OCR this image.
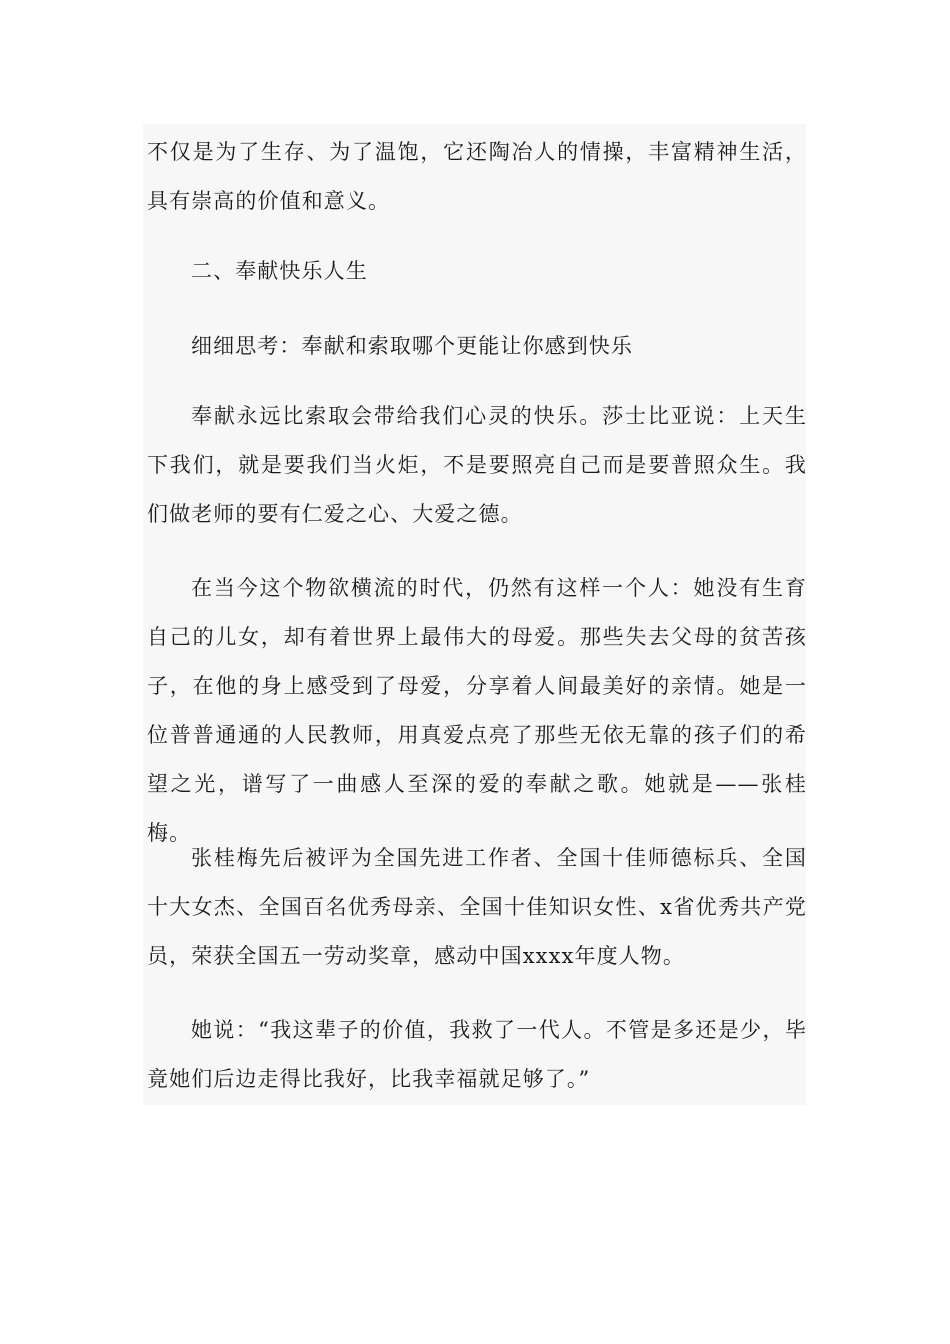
不仅是为了生存、为了温饱，它还陶冶人的情操，丰富精神生活，具有崇高的价值和意义。

二、奉献快乐人生

细细思考：奉献和索取哪个更能让你感到快乐

奉献永远比索取会带给我们心灵的快乐。莎士比亚说：上天生下我们，就是要我们当火炬，不是要照亮自己而是要普照众生。我们做老师的要有仁爱之心、大爱之德。

在当今这个物欲横流的时代，仍然有这样一个人：她没有生育自己的儿女，却有着世界上最伟大的母爱。那些失去父母的贫苦孩子，在他的身上感受到了母爱，分享着人间最美好的亲情。她是一位普普通通的人民教师，用真爱点亮了那些无依无靠的孩子们的希望之光，谱写了一曲感人至深的爱的奉献之歌。她就是——张桂梅。

张桂梅先后被评为全国先进工作者、全国十佳师德标兵、全国十大女杰、全国百名优秀母亲、全国十佳知识女性、x省优秀共产党员，荣获全国五一劳动奖章，感动中国xxxx年度人物。

她说：“我这辈子的价值，我救了一代人。不管是多还是少，毕竟她们后边走得比我好，比我幸福就足够了。”
